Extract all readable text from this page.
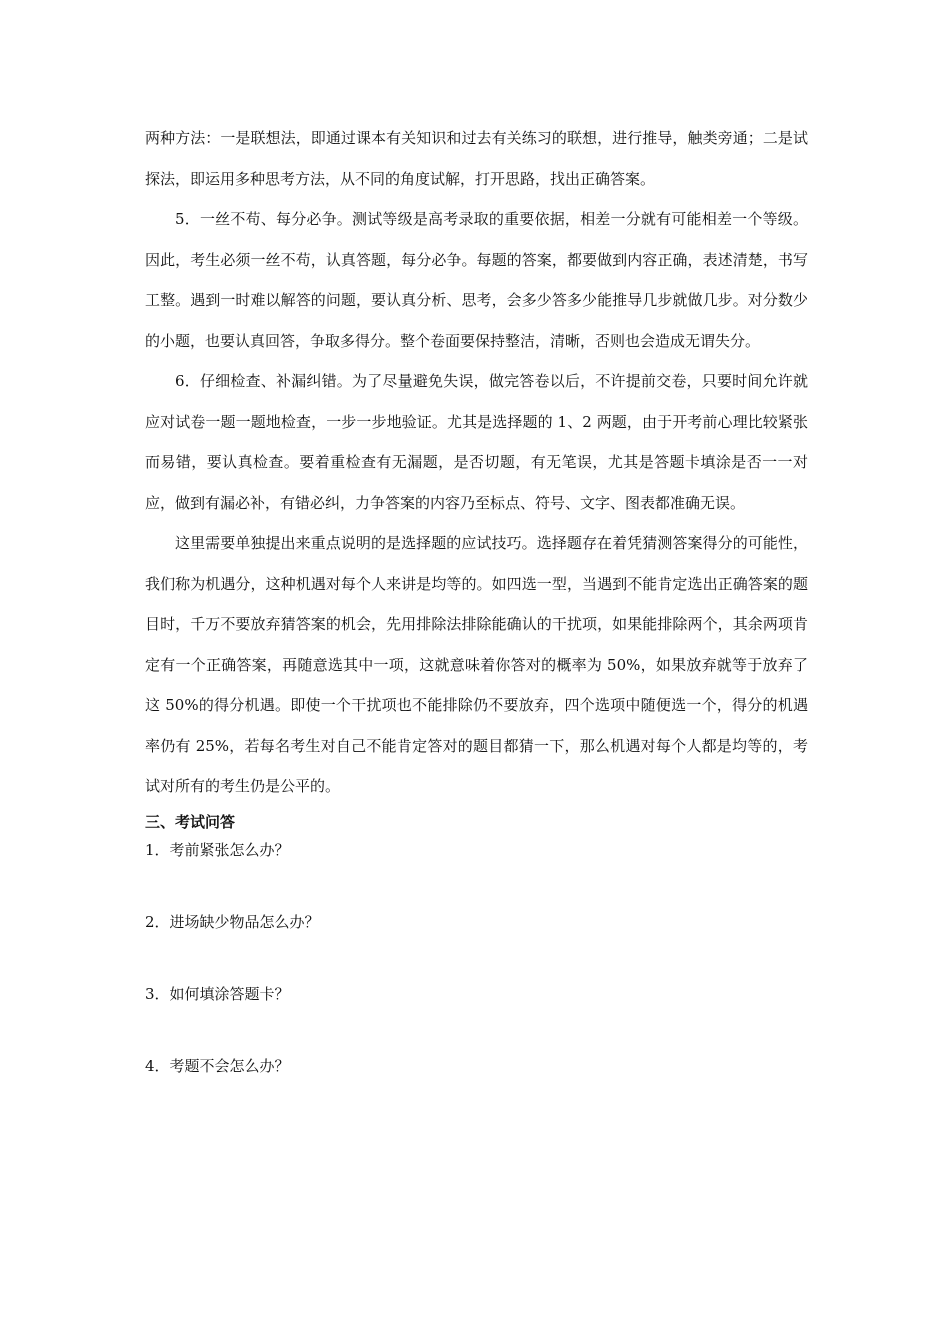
两种方法：一是联想法，即通过课本有关知识和过去有关练习的联想，进行推导，触类旁通；二是试探法，即运用多种思考方法，从不同的角度试解，打开思路，找出正确答案。

5．一丝不苟、每分必争。测试等级是高考录取的重要依据，相差一分就有可能相差一个等级。因此，考生必须一丝不苟，认真答题，每分必争。每题的答案，都要做到内容正确，表述清楚，书写工整。遇到一时难以解答的问题，要认真分析、思考，会多少答多少能推导几步就做几步。对分数少的小题，也要认真回答，争取多得分。整个卷面要保持整洁，清晰，否则也会造成无谓失分。

6．仔细检查、补漏纠错。为了尽量避免失误，做完答卷以后，不许提前交卷，只要时间允许就应对试卷一题一题地检查，一步一步地验证。尤其是选择题的 1、2 两题，由于开考前心理比较紧张而易错，要认真检查。要着重检查有无漏题，是否切题，有无笔误，尤其是答题卡填涂是否一一对应，做到有漏必补，有错必纠，力争答案的内容乃至标点、符号、文字、图表都准确无误。

这里需要单独提出来重点说明的是选择题的应试技巧。选择题存在着凭猜测答案得分的可能性，我们称为机遇分，这种机遇对每个人来讲是均等的。如四选一型，当遇到不能肯定选出正确答案的题目时，千万不要放弃猜答案的机会，先用排除法排除能确认的干扰项，如果能排除两个，其余两项肯定有一个正确答案，再随意选其中一项，这就意味着你答对的概率为 50%，如果放弃就等于放弃了这 50%的得分机遇。即使一个干扰项也不能排除仍不要放弃，四个选项中随便选一个，得分的机遇率仍有 25%，若每名考生对自己不能肯定答对的题目都猜一下，那么机遇对每个人都是均等的，考试对所有的考生仍是公平的。

三、考试问答

1．考前紧张怎么办？

2．进场缺少物品怎么办？

3．如何填涂答题卡？

4．考题不会怎么办？
